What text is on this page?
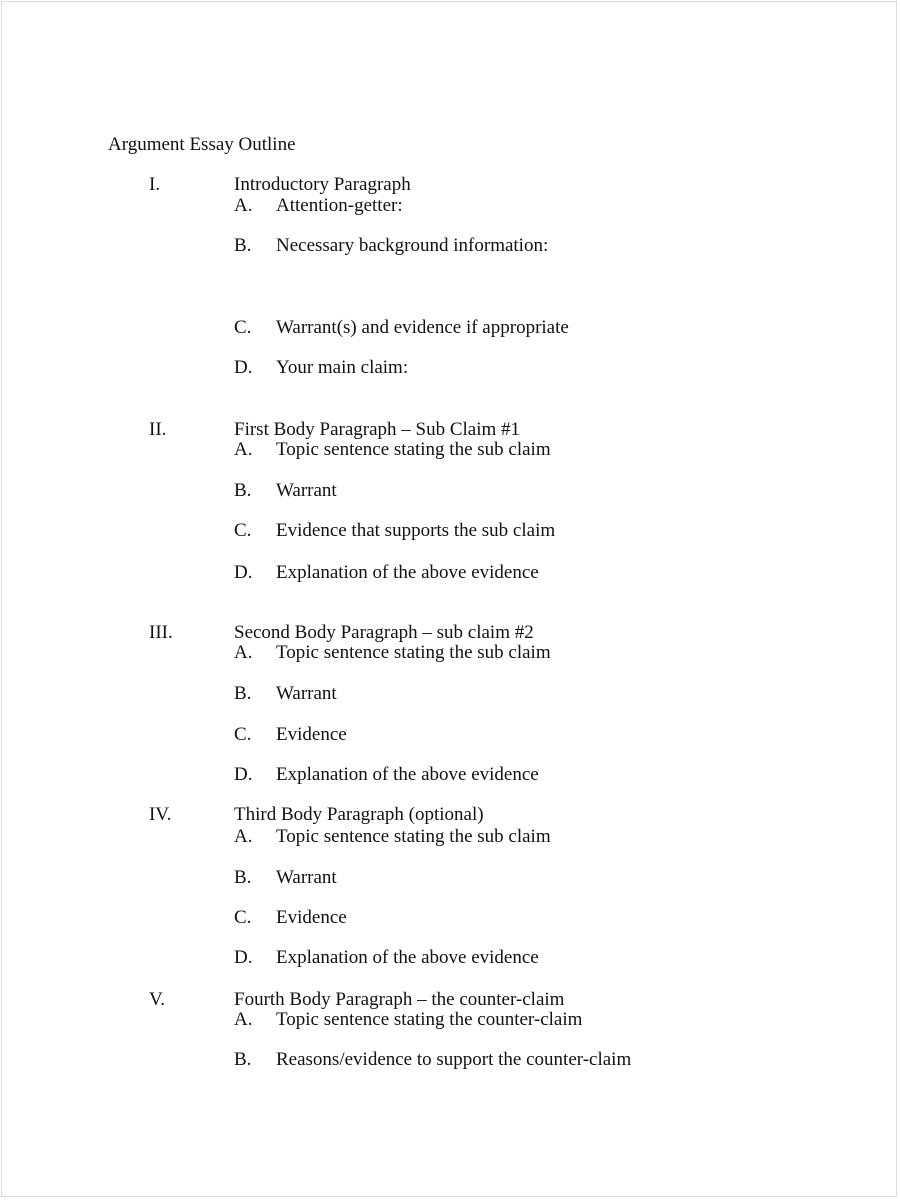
Argument Essay Outline
I.	Introductory Paragraph
A. Attention-getter:
B. Necessary background information:
C. Warrant(s) and evidence if appropriate
D. Your main claim:
II.	First Body Paragraph – Sub Claim #1
A. Topic sentence stating the sub claim
B. Warrant
C. Evidence that supports the sub claim
D. Explanation of the above evidence
III.	Second Body Paragraph – sub claim #2
A. Topic sentence stating the sub claim
B. Warrant
C. Evidence
D. Explanation of the above evidence
IV.	Third Body Paragraph (optional)
A. Topic sentence stating the sub claim
B. Warrant
C. Evidence
D. Explanation of the above evidence
V.	Fourth Body Paragraph – the counter-claim
A. Topic sentence stating the counter-claim
B. Reasons/evidence to support the counter-claim
